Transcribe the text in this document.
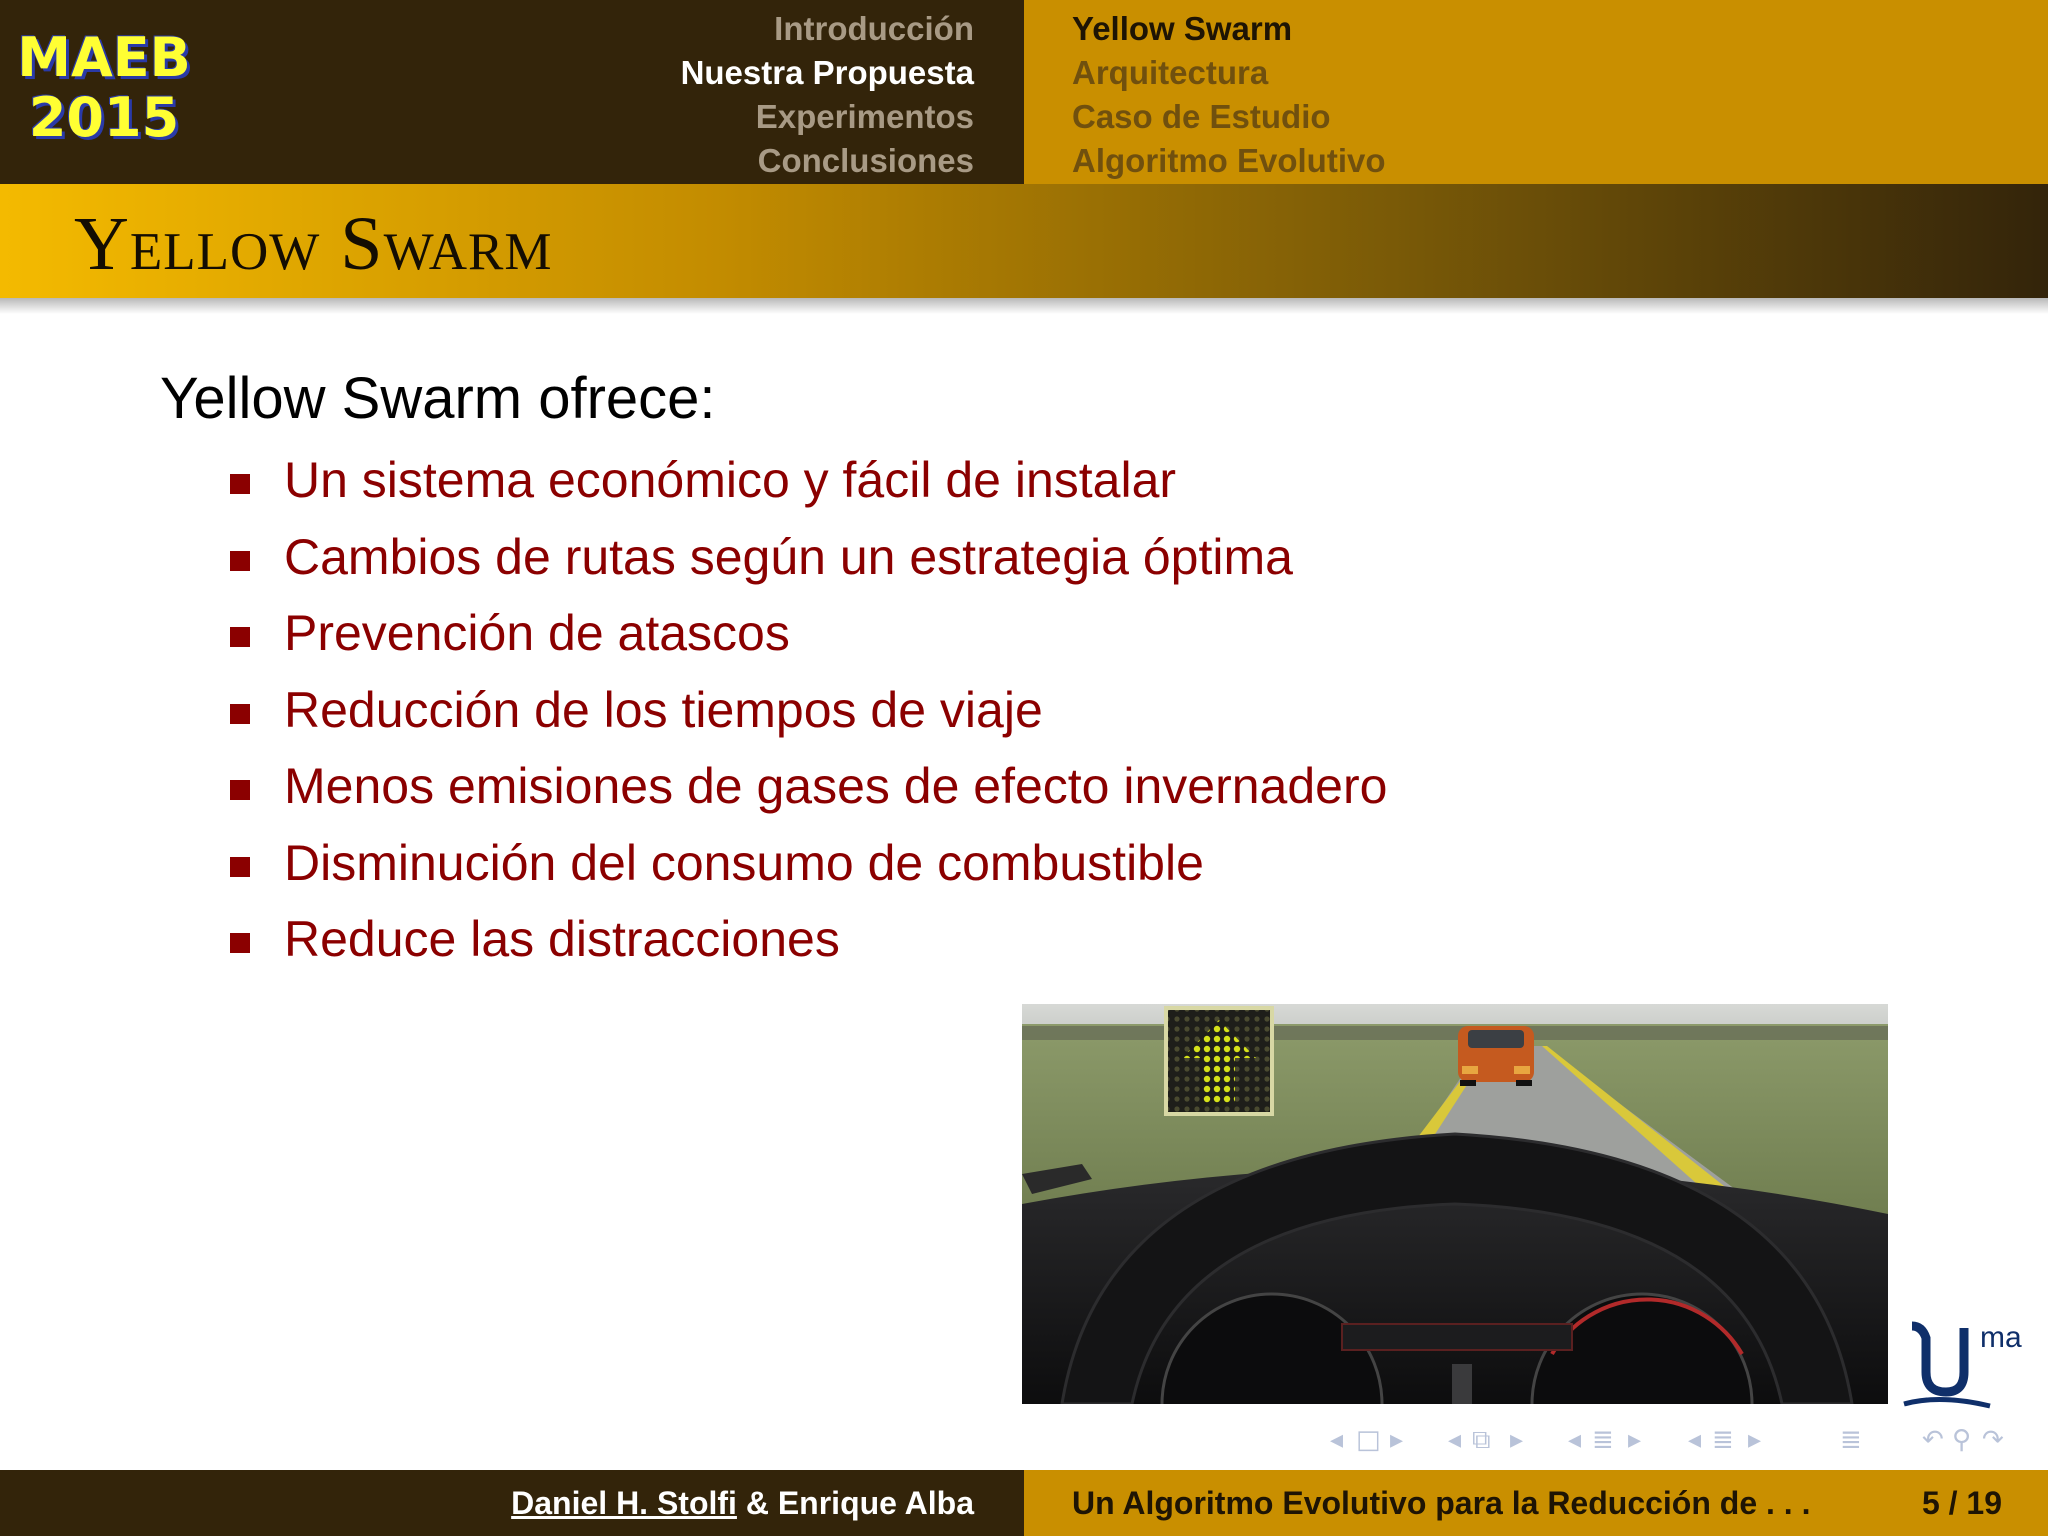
MAEB
2015
Introducción
Nuestra Propuesta
Experimentos
Conclusiones
Yellow Swarm
Arquitectura
Caso de Estudio
Algoritmo Evolutivo
Yellow Swarm
Yellow Swarm ofrece:
Un sistema económico y fácil de instalar
Cambios de rutas según un estrategia óptima
Prevención de atascos
Reducción de los tiempos de viaje
Menos emisiones de gases de efecto invernadero
Disminución del consumo de combustible
Reduce las distracciones
ma
◂ □ ▸ ◂ ⧉ ▸ ◂ ≣ ▸ ◂ ≣ ▸	≣ ↶ ⚲ ↷
Daniel H. Stolfi & Enrique Alba	Un Algoritmo Evolutivo para la Reducción de . . .	5 / 19
